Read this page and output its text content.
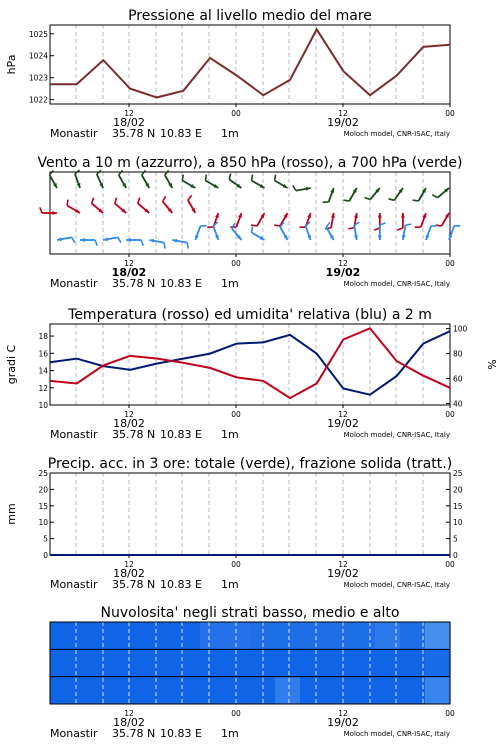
Pressione al livello medio del mare
12	00	12	00
18/02	19/02
Monastir 35.78 N 10.83 E 1m	Moloch model, CNR-ISAC, Italy
1022
1023
1024
1025
hPa
Vento a 10 m (azzurro), a 850 hPa (rosso), a 700 hPa (verde)
12	00	12	00
18/02	19/02
Monastir 35.78 N 10.83 E 1m	Moloch model, CNR-ISAC, Italy
Temperatura (rosso) ed umidita' relativa (blu) a 2 m
12	00	12	00
18/02	19/02
Monastir 35.78 N 10.83 E 1m	Moloch model, CNR-ISAC, Italy
10
12
14
16
18
40
60
80
100
gradi C	%
Precip. acc. in 3 ore: totale (verde), frazione solida (tratt.)
12	00	12	00
18/02	19/02
Monastir 35.78 N 10.83 E 1m	Moloch model, CNR-ISAC, Italy
0
5
10
15
20
25
0
5
10
15
20
25
mm
Nuvolosita' negli strati basso, medio e alto
12	00	12	00
18/02	19/02
Monastir 35.78 N 10.83 E 1m	Moloch model, CNR-ISAC, Italy
